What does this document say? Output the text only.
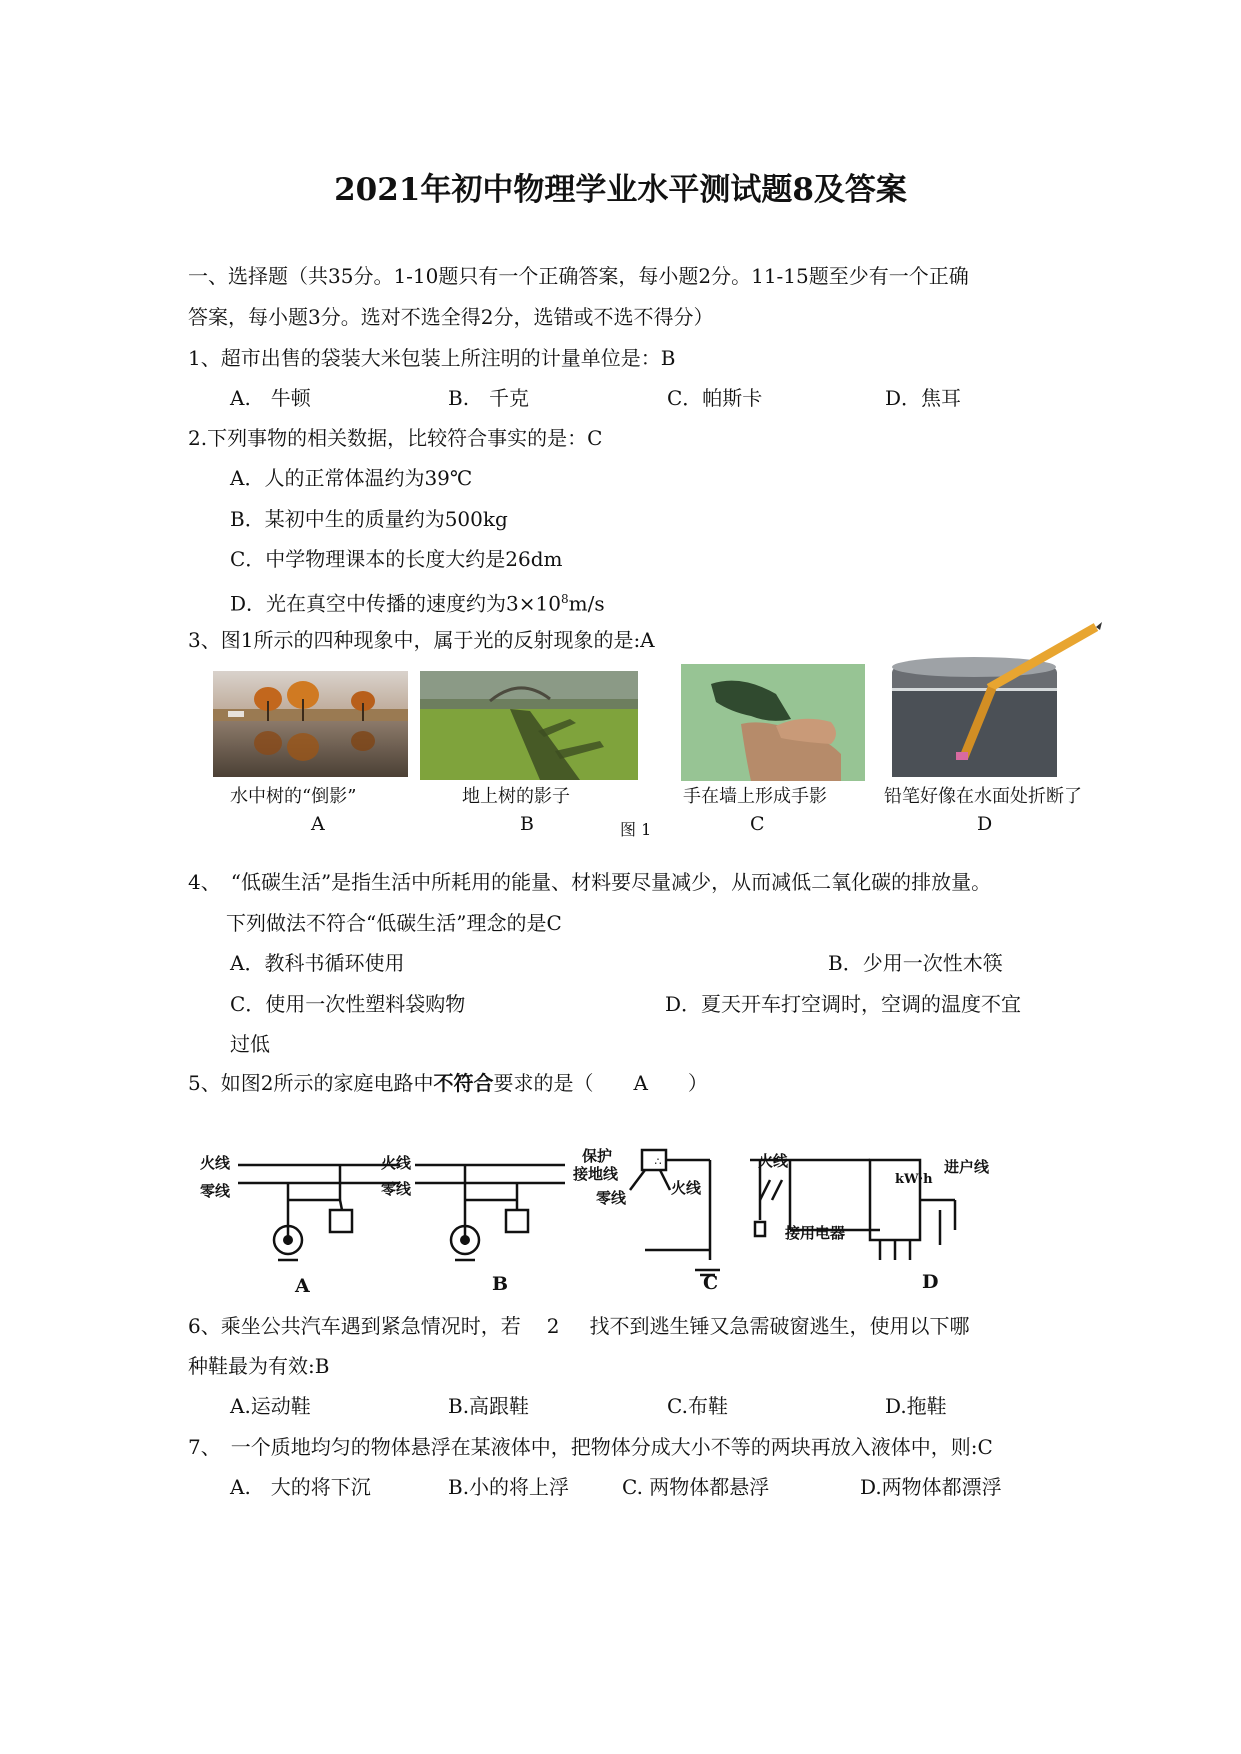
2021年初中物理学业水平测试题8及答案
一、选择题（共35分。1-10题只有一个正确答案，每小题2分。11-15题至少有一个正确
答案，每小题3分。选对不选全得2分，选错或不选不得分）
1、超市出售的袋装大米包装上所注明的计量单位是：B
A.　牛顿	B.　千克	C．帕斯卡	D．焦耳
2.下列事物的相关数据，比较符合事实的是：C
A．人的正常体温约为39℃
B．某初中生的质量约为500kg
C．中学物理课本的长度大约是26dm
D．光在真空中传播的速度约为$3\times 10^8m/s$
3、图1所示的四种现象中，属于光的反射现象的是:A
水中树的“倒影”	地上树的影子	手在墙上形成手影	铅笔好像在水面处折断了
A	B	图 1	C	D
4、　“低碳生活”是指生活中所耗用的能量、材料要尽量减少，从而减低二氧化碳的排放量。
下列做法不符合“低碳生活”理念的是C
A．教科书循环使用	B．少用一次性木筷
C．使用一次性塑料袋购物	D．夏天开车打空调时，空调的温度不宜
过低
5、如图2所示的家庭电路中不符合要求的是（　　A　　）
∴
火线
零线
火线
零线
保护
接地线
零线
火线
火线
接用电器
kW·h
进户线
A	B	C	D
6、乘坐公共汽车遇到紧急情况时，若 2 找不到逃生锤又急需破窗逃生，使用以下哪
种鞋最为有效:B
A.运动鞋	B.高跟鞋	C.布鞋	D.拖鞋
7、　一个质地均匀的物体悬浮在某液体中，把物体分成大小不等的两块再放入液体中，则:C
A.　大的将下沉	B.小的将上浮	C. 两物体都悬浮	D.两物体都漂浮
